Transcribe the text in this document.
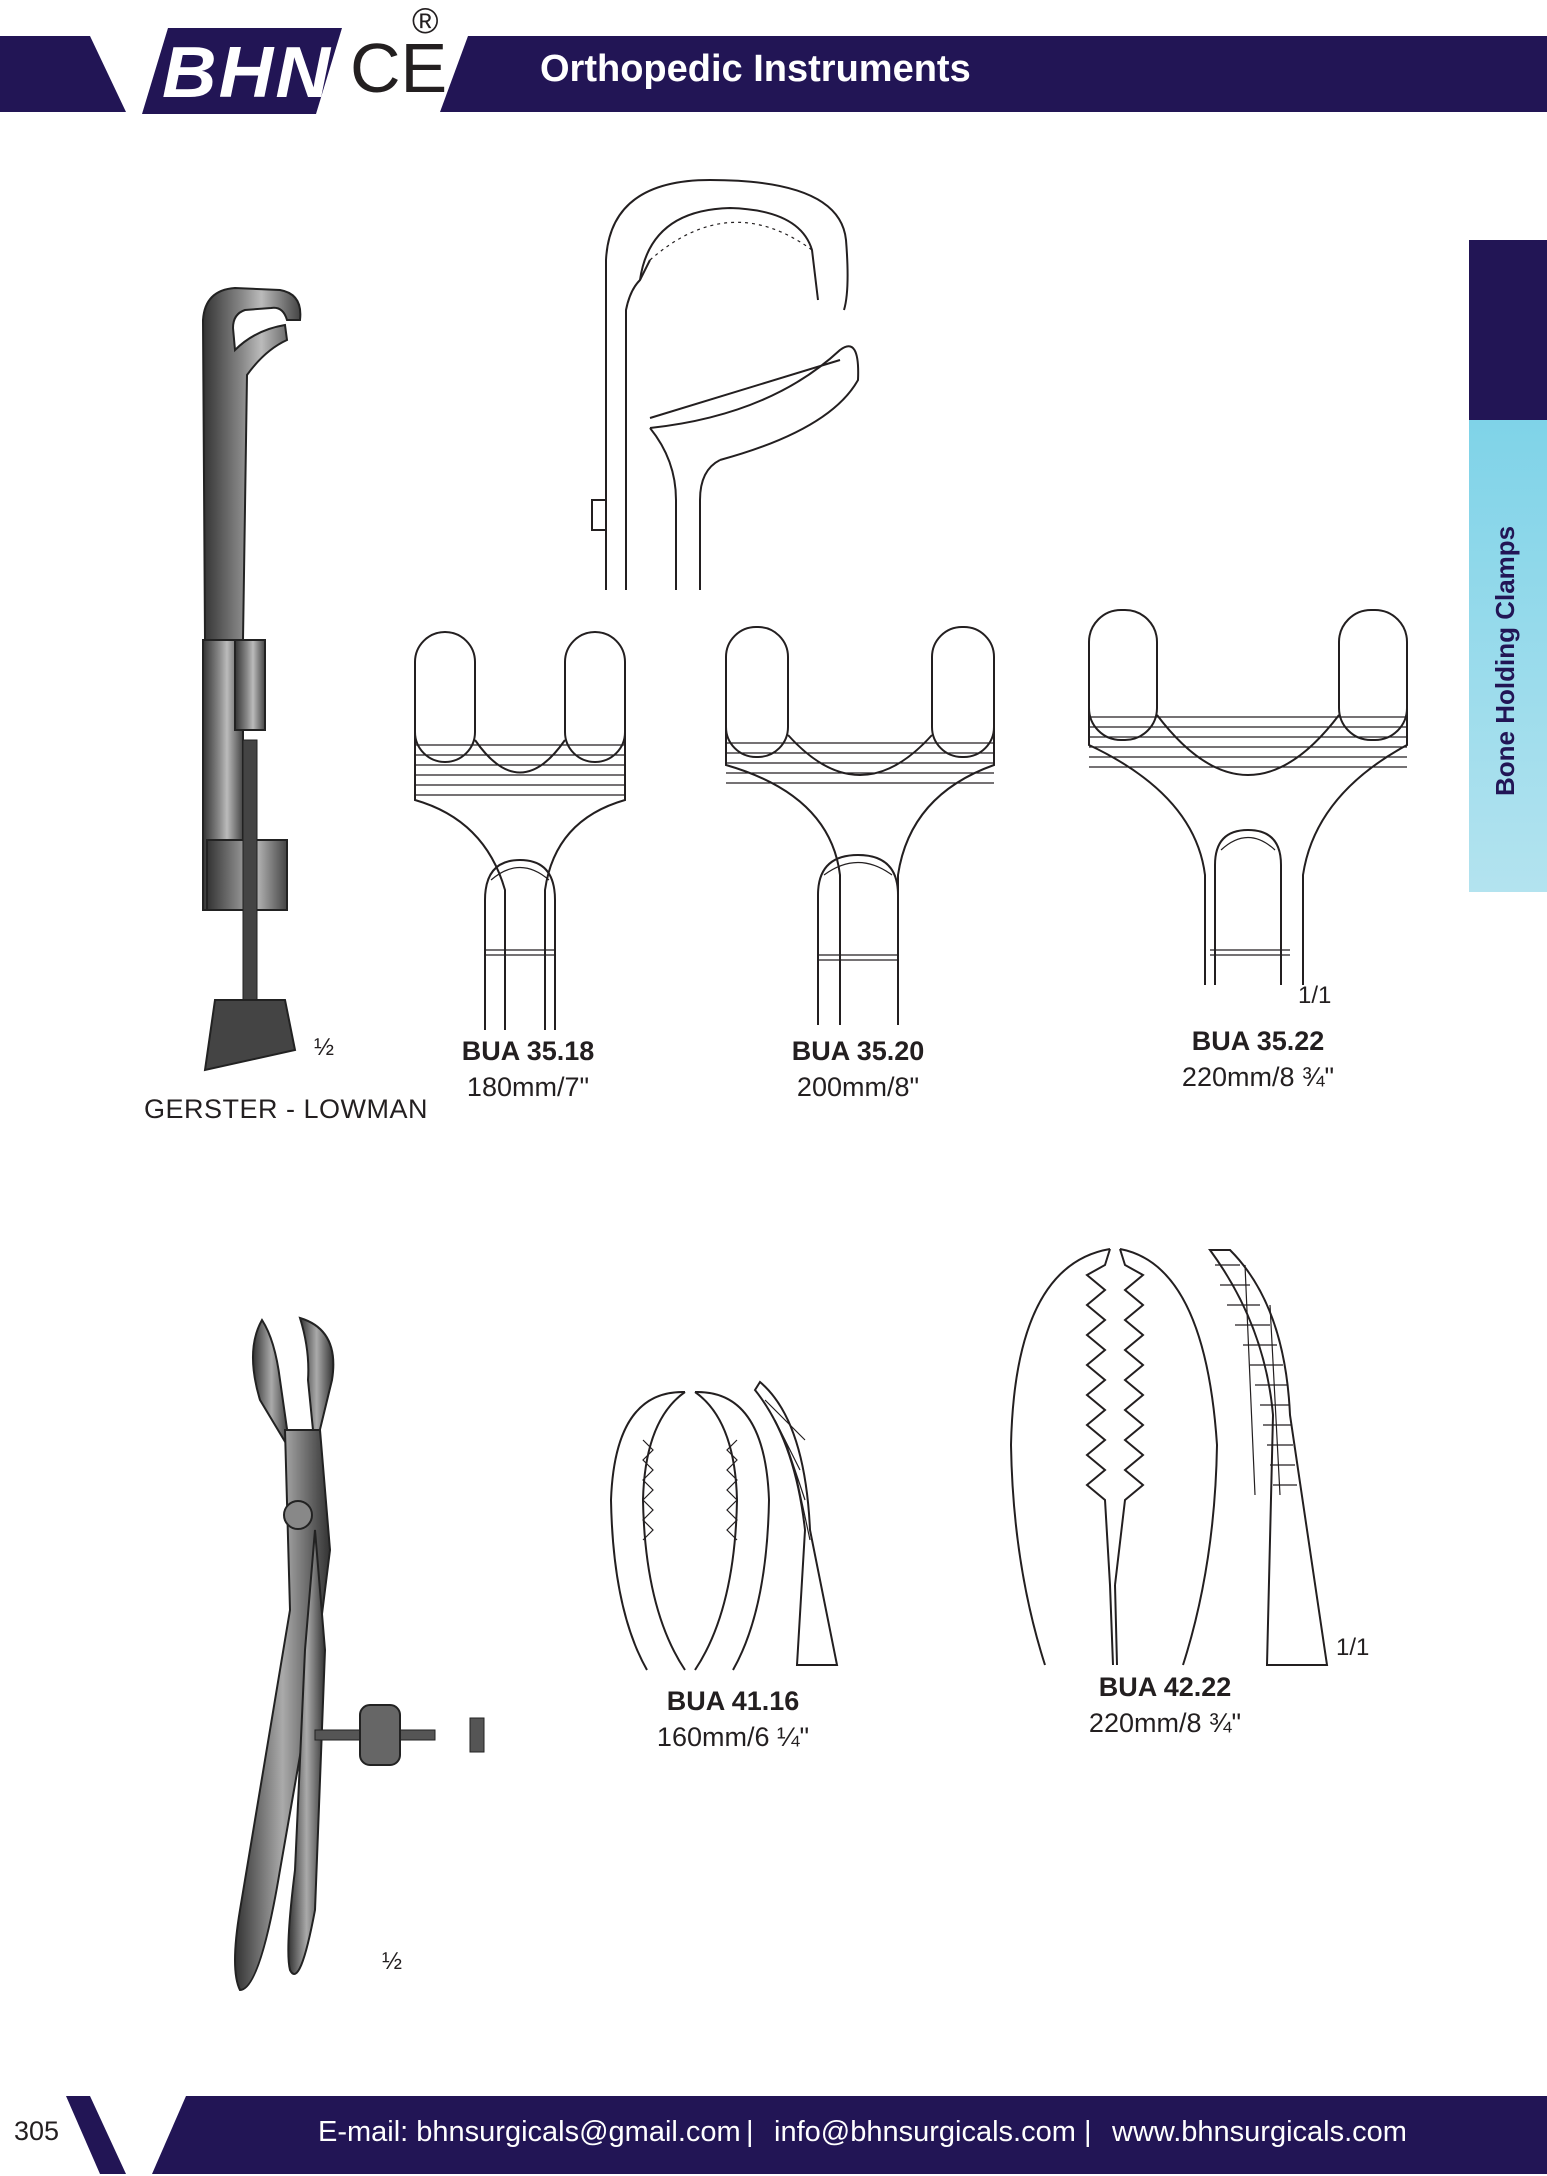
BHN CE
®
Orthopedic Instruments
Bone Holding Clamps
BUA 35.18
180mm/7"
BUA 35.20
200mm/8"
BUA 35.22
220mm/8 ¾"
BUA 41.16
160mm/6 ¼"
BUA 42.22
220mm/8 ¾"
GERSTER - LOWMAN
½
1/1
½
1/1
305	E-mail: bhnsurgicals@gmail.com | info@bhnsurgicals.com | www.bhnsurgicals.com
